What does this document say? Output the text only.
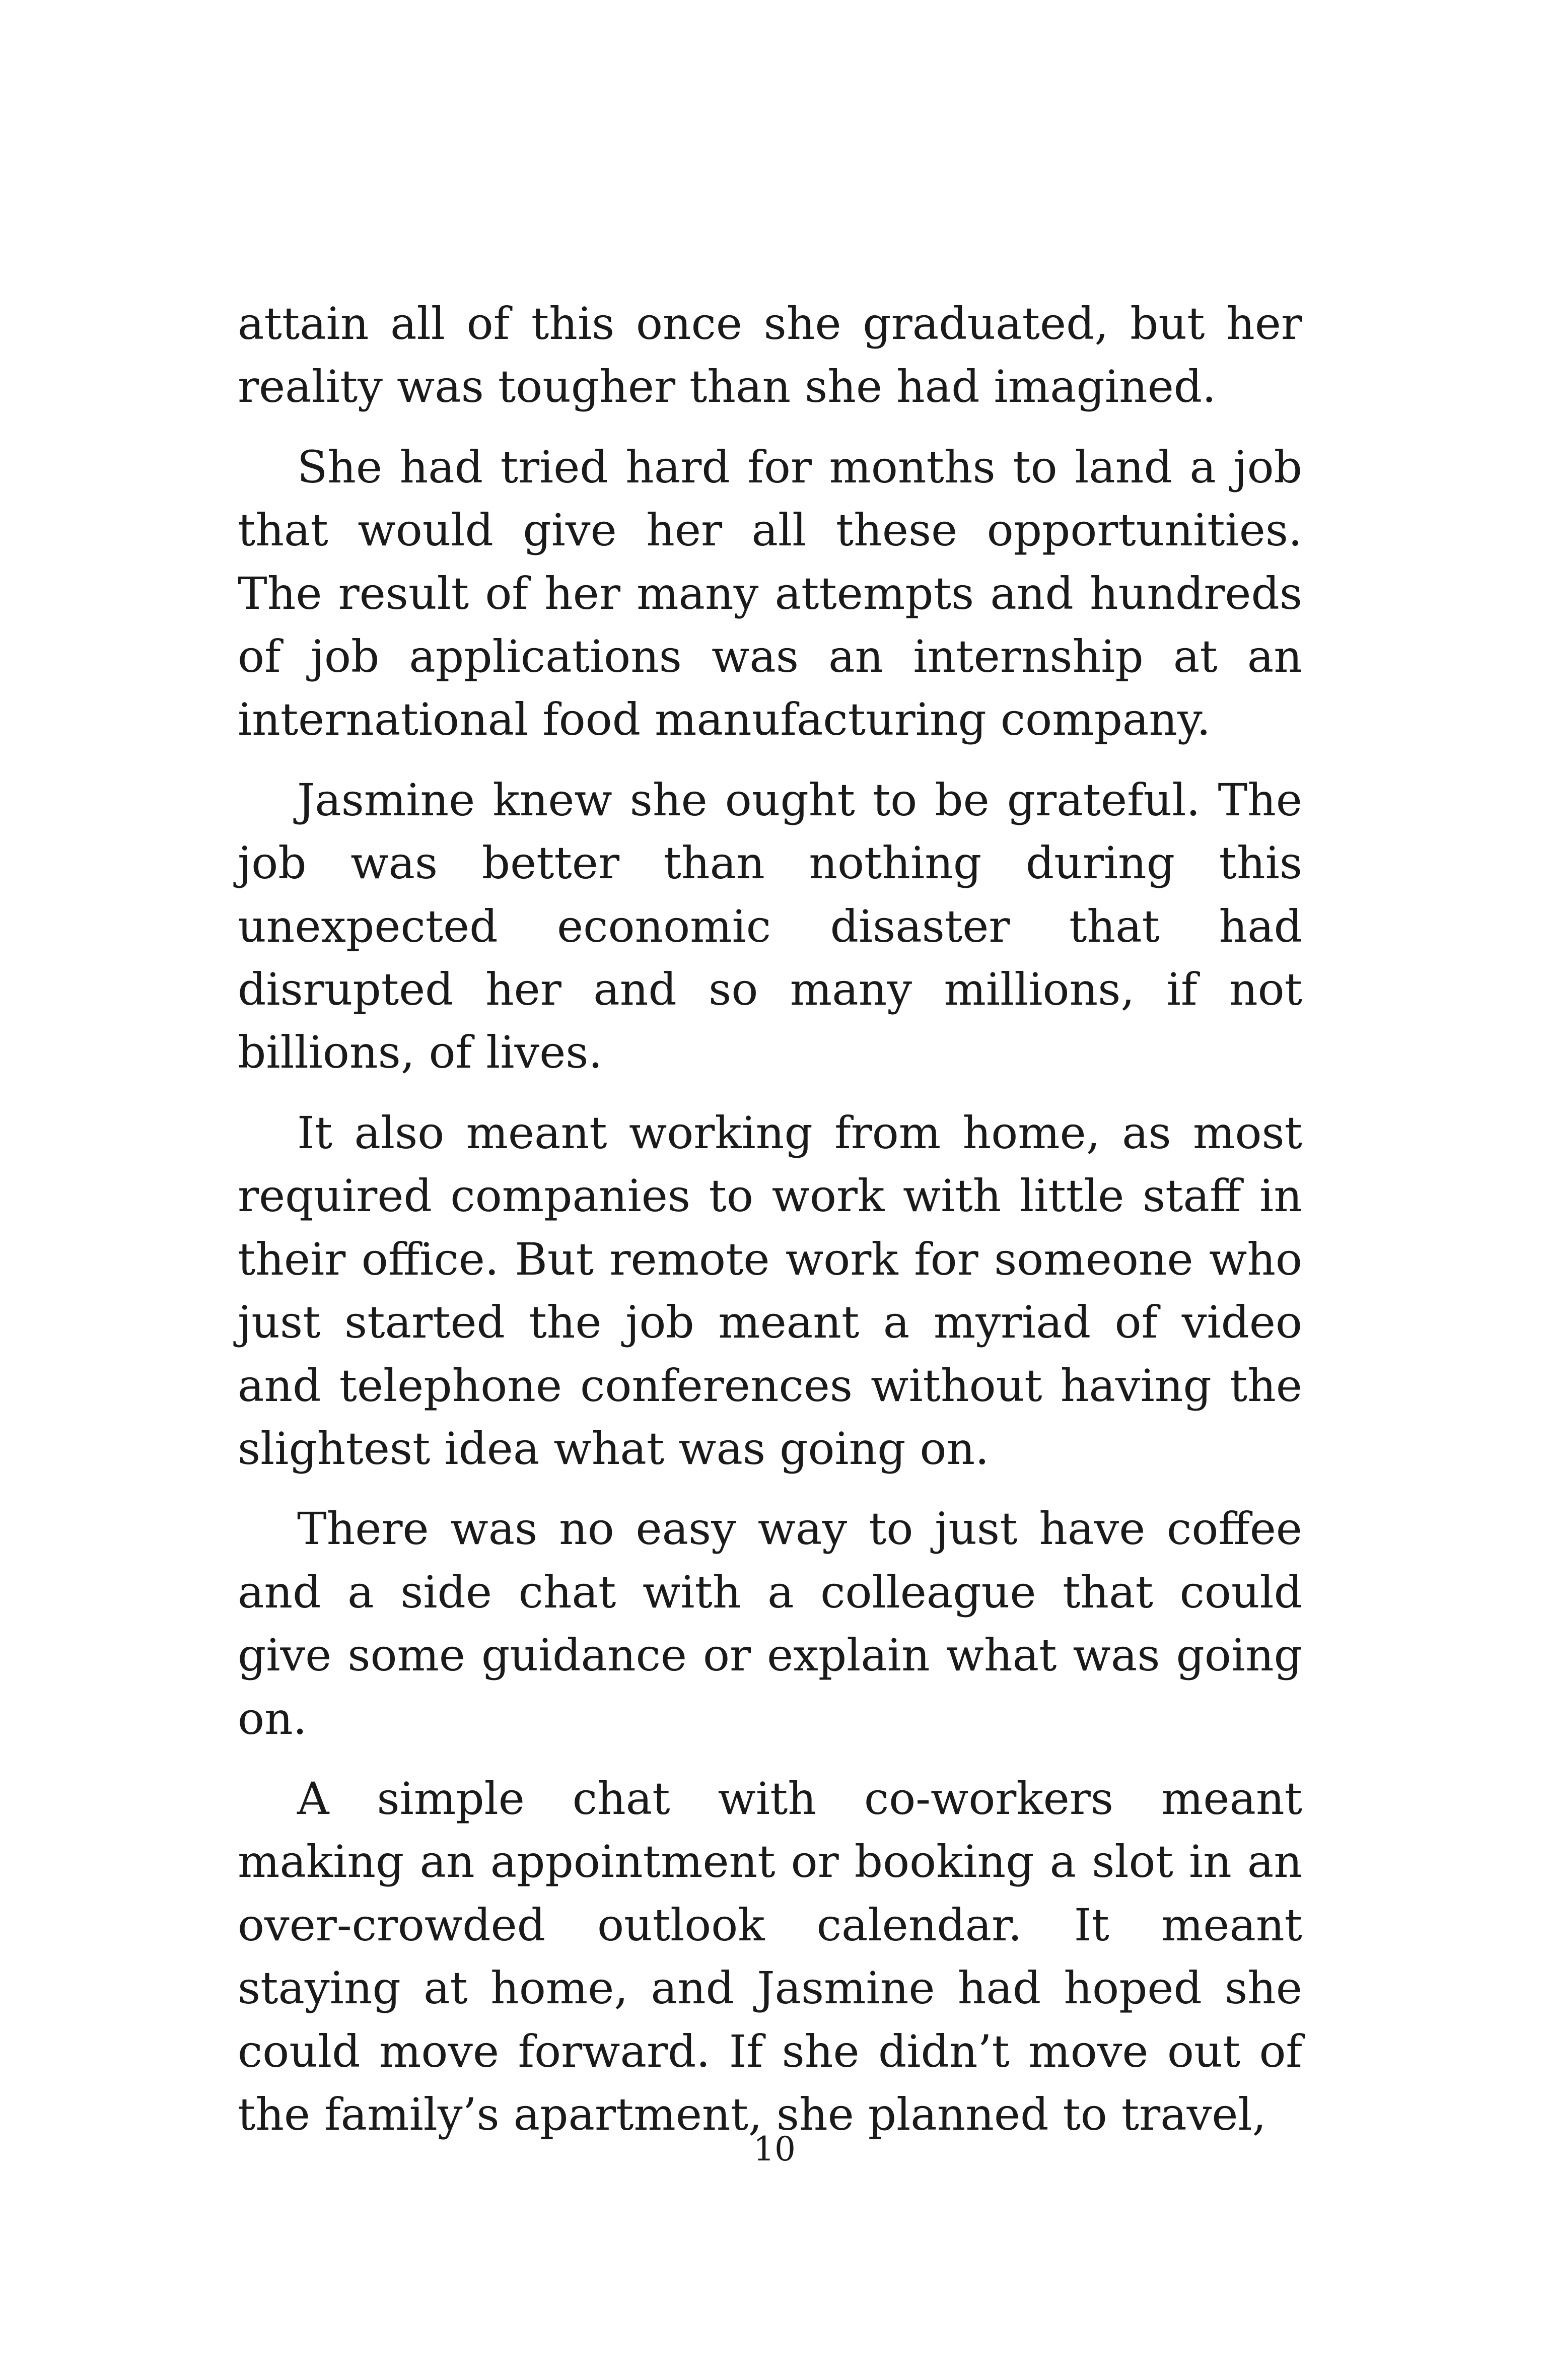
attain all of this once she graduated, but her reality was tougher than she had imagined.

She had tried hard for months to land a job that would give her all these opportunities. The result of her many attempts and hundreds of job applications was an internship at an international food manufacturing company.

Jasmine knew she ought to be grateful. The job was better than nothing during this unexpected economic disaster that had disrupted her and so many millions, if not billions, of lives.

It also meant working from home, as most required companies to work with little staff in their office. But remote work for someone who just started the job meant a myriad of video and telephone conferences without having the slightest idea what was going on.

There was no easy way to just have coffee and a side chat with a colleague that could give some guidance or explain what was going on.

A simple chat with co-workers meant making an appointment or booking a slot in an over-crowded outlook calendar. It meant staying at home, and Jasmine had hoped she could move forward. If she didn’t move out of the family’s apartment, she planned to travel,

10
